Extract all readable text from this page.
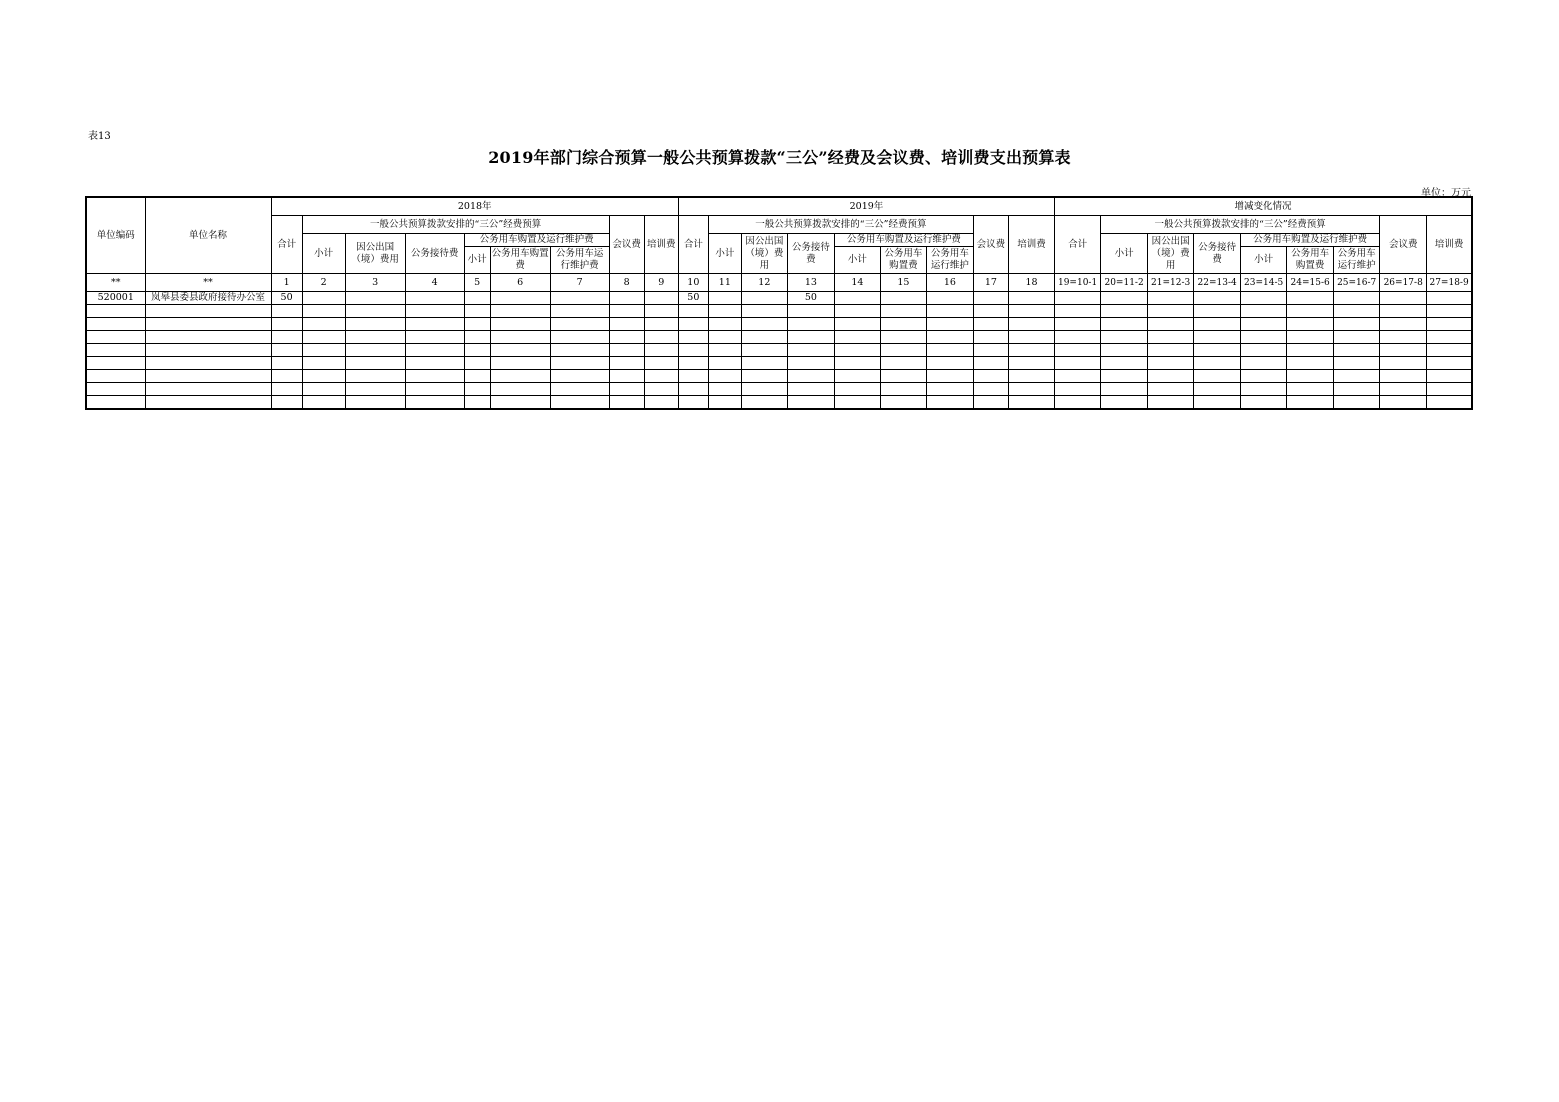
表13
2019年部门综合预算一般公共预算拨款“三公”经费及会议费、培训费支出预算表
单位：万元
单位编码	单位名称	2018年									2019年									增减变化情况								
		合计	一般公共预算拨款安排的“三公”经费预算						会议费	培训费	合计	一般公共预算拨款安排的“三公”经费预算						会议费	培训费	合计	一般公共预算拨款安排的“三公”经费预算						会议费	培训费
			小计	因公出国（境）费用	公务接待费	公务用车购置及运行维护费						小计	因公出国（境）费用	公务接待费	公务用车购置及运行维护费						小计	因公出国（境）费用	公务接待费	公务用车购置及运行维护费				
						小计	公务用车购置费	公务用车运行维护费							小计	公务用车购置费	公务用车运行维护							小计	公务用车购置费	公务用车运行维护		
**	**	1	2	3	4	5	6	7	8	9	10	11	12	13	14	15	16	17	18	19=10-1	20=11-2	21=12-3	22=13-4	23=14-5	24=15-6	25=16-7	26=17-8	27=18-9
520001	岚皋县委县政府接待办公室	50									50			50														
